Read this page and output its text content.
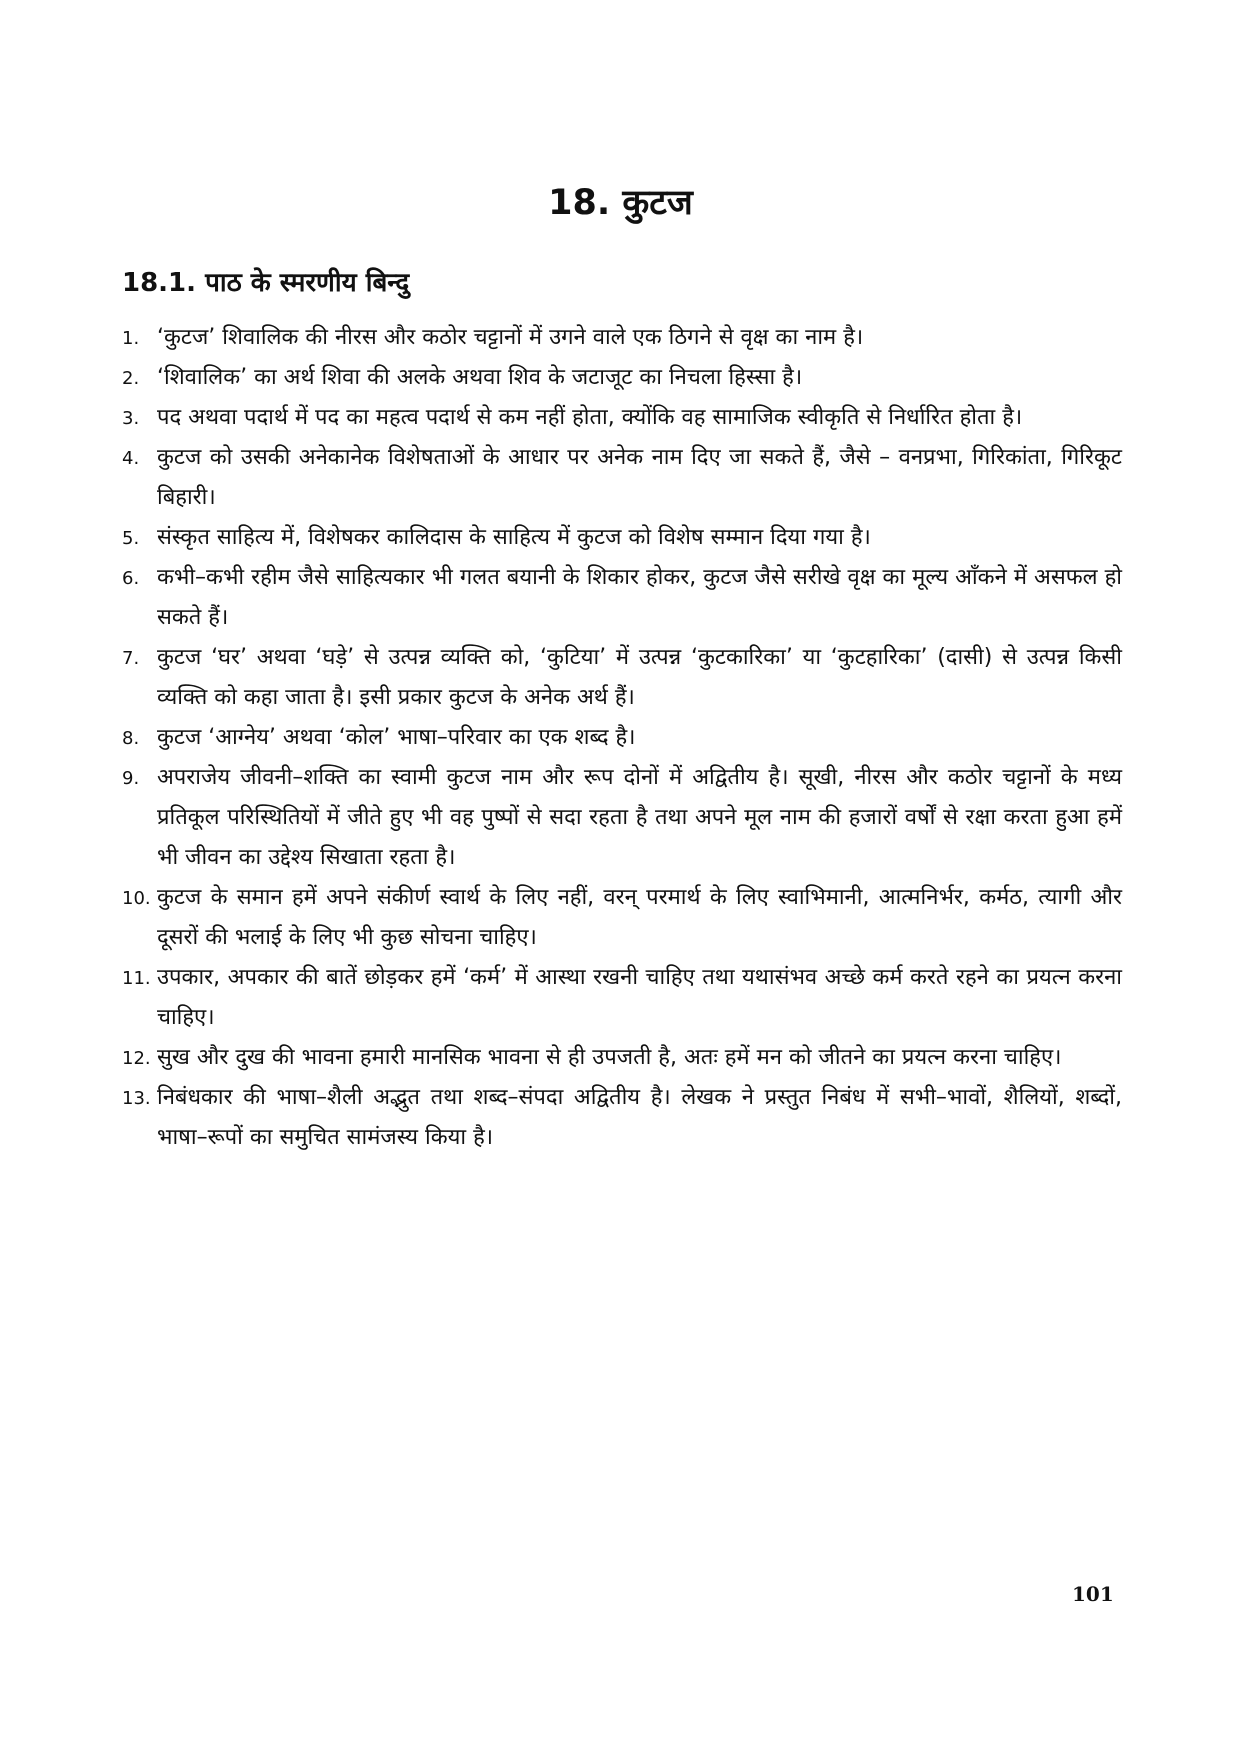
18. कुटज
18.1. पाठ के स्मरणीय बिन्दु
1. ‘कुटज’ शिवालिक की नीरस और कठोर चट्टानों में उगने वाले एक ठिगने से वृक्ष का नाम है।
2. ‘शिवालिक’ का अर्थ शिवा की अलके अथवा शिव के जटाजूट का निचला हिस्सा है।
3. पद अथवा पदार्थ में पद का महत्व पदार्थ से कम नहीं होता, क्योंकि वह सामाजिक स्वीकृति से निर्धारित होता है।
4. कुटज को उसकी अनेकानेक विशेषताओं के आधार पर अनेक नाम दिए जा सकते हैं, जैसे – वनप्रभा, गिरिकांता, गिरिकूट बिहारी।
5. संस्कृत साहित्य में, विशेषकर कालिदास के साहित्य में कुटज को विशेष सम्मान दिया गया है।
6. कभी–कभी रहीम जैसे साहित्यकार भी गलत बयानी के शिकार होकर, कुटज जैसे सरीखे वृक्ष का मूल्य आँकने में असफल हो सकते हैं।
7. कुटज ‘घर’ अथवा ‘घड़े’ से उत्पन्न व्यक्ति को, ‘कुटिया’ में उत्पन्न ‘कुटकारिका’ या ‘कुटहारिका’ (दासी) से उत्पन्न किसी व्यक्ति को कहा जाता है। इसी प्रकार कुटज के अनेक अर्थ हैं।
8. कुटज ‘आग्नेय’ अथवा ‘कोल’ भाषा–परिवार का एक शब्द है।
9. अपराजेय जीवनी–शक्ति का स्वामी कुटज नाम और रूप दोनों में अद्वितीय है। सूखी, नीरस और कठोर चट्टानों के मध्य प्रतिकूल परिस्थितियों में जीते हुए भी वह पुष्पों से सदा रहता है तथा अपने मूल नाम की हजारों वर्षों से रक्षा करता हुआ हमें भी जीवन का उद्देश्य सिखाता रहता है।
10. कुटज के समान हमें अपने संकीर्ण स्वार्थ के लिए नहीं, वरन् परमार्थ के लिए स्वाभिमानी, आत्मनिर्भर, कर्मठ, त्यागी और दूसरों की भलाई के लिए भी कुछ सोचना चाहिए।
11. उपकार, अपकार की बातें छोड़कर हमें ‘कर्म’ में आस्था रखनी चाहिए तथा यथासंभव अच्छे कर्म करते रहने का प्रयत्न करना चाहिए।
12. सुख और दुख की भावना हमारी मानसिक भावना से ही उपजती है, अतः हमें मन को जीतने का प्रयत्न करना चाहिए।
13. निबंधकार की भाषा–शैली अद्भुत तथा शब्द–संपदा अद्वितीय है। लेखक ने प्रस्तुत निबंध में सभी–भावों, शैलियों, शब्दों, भाषा–रूपों का समुचित सामंजस्य किया है।

101
